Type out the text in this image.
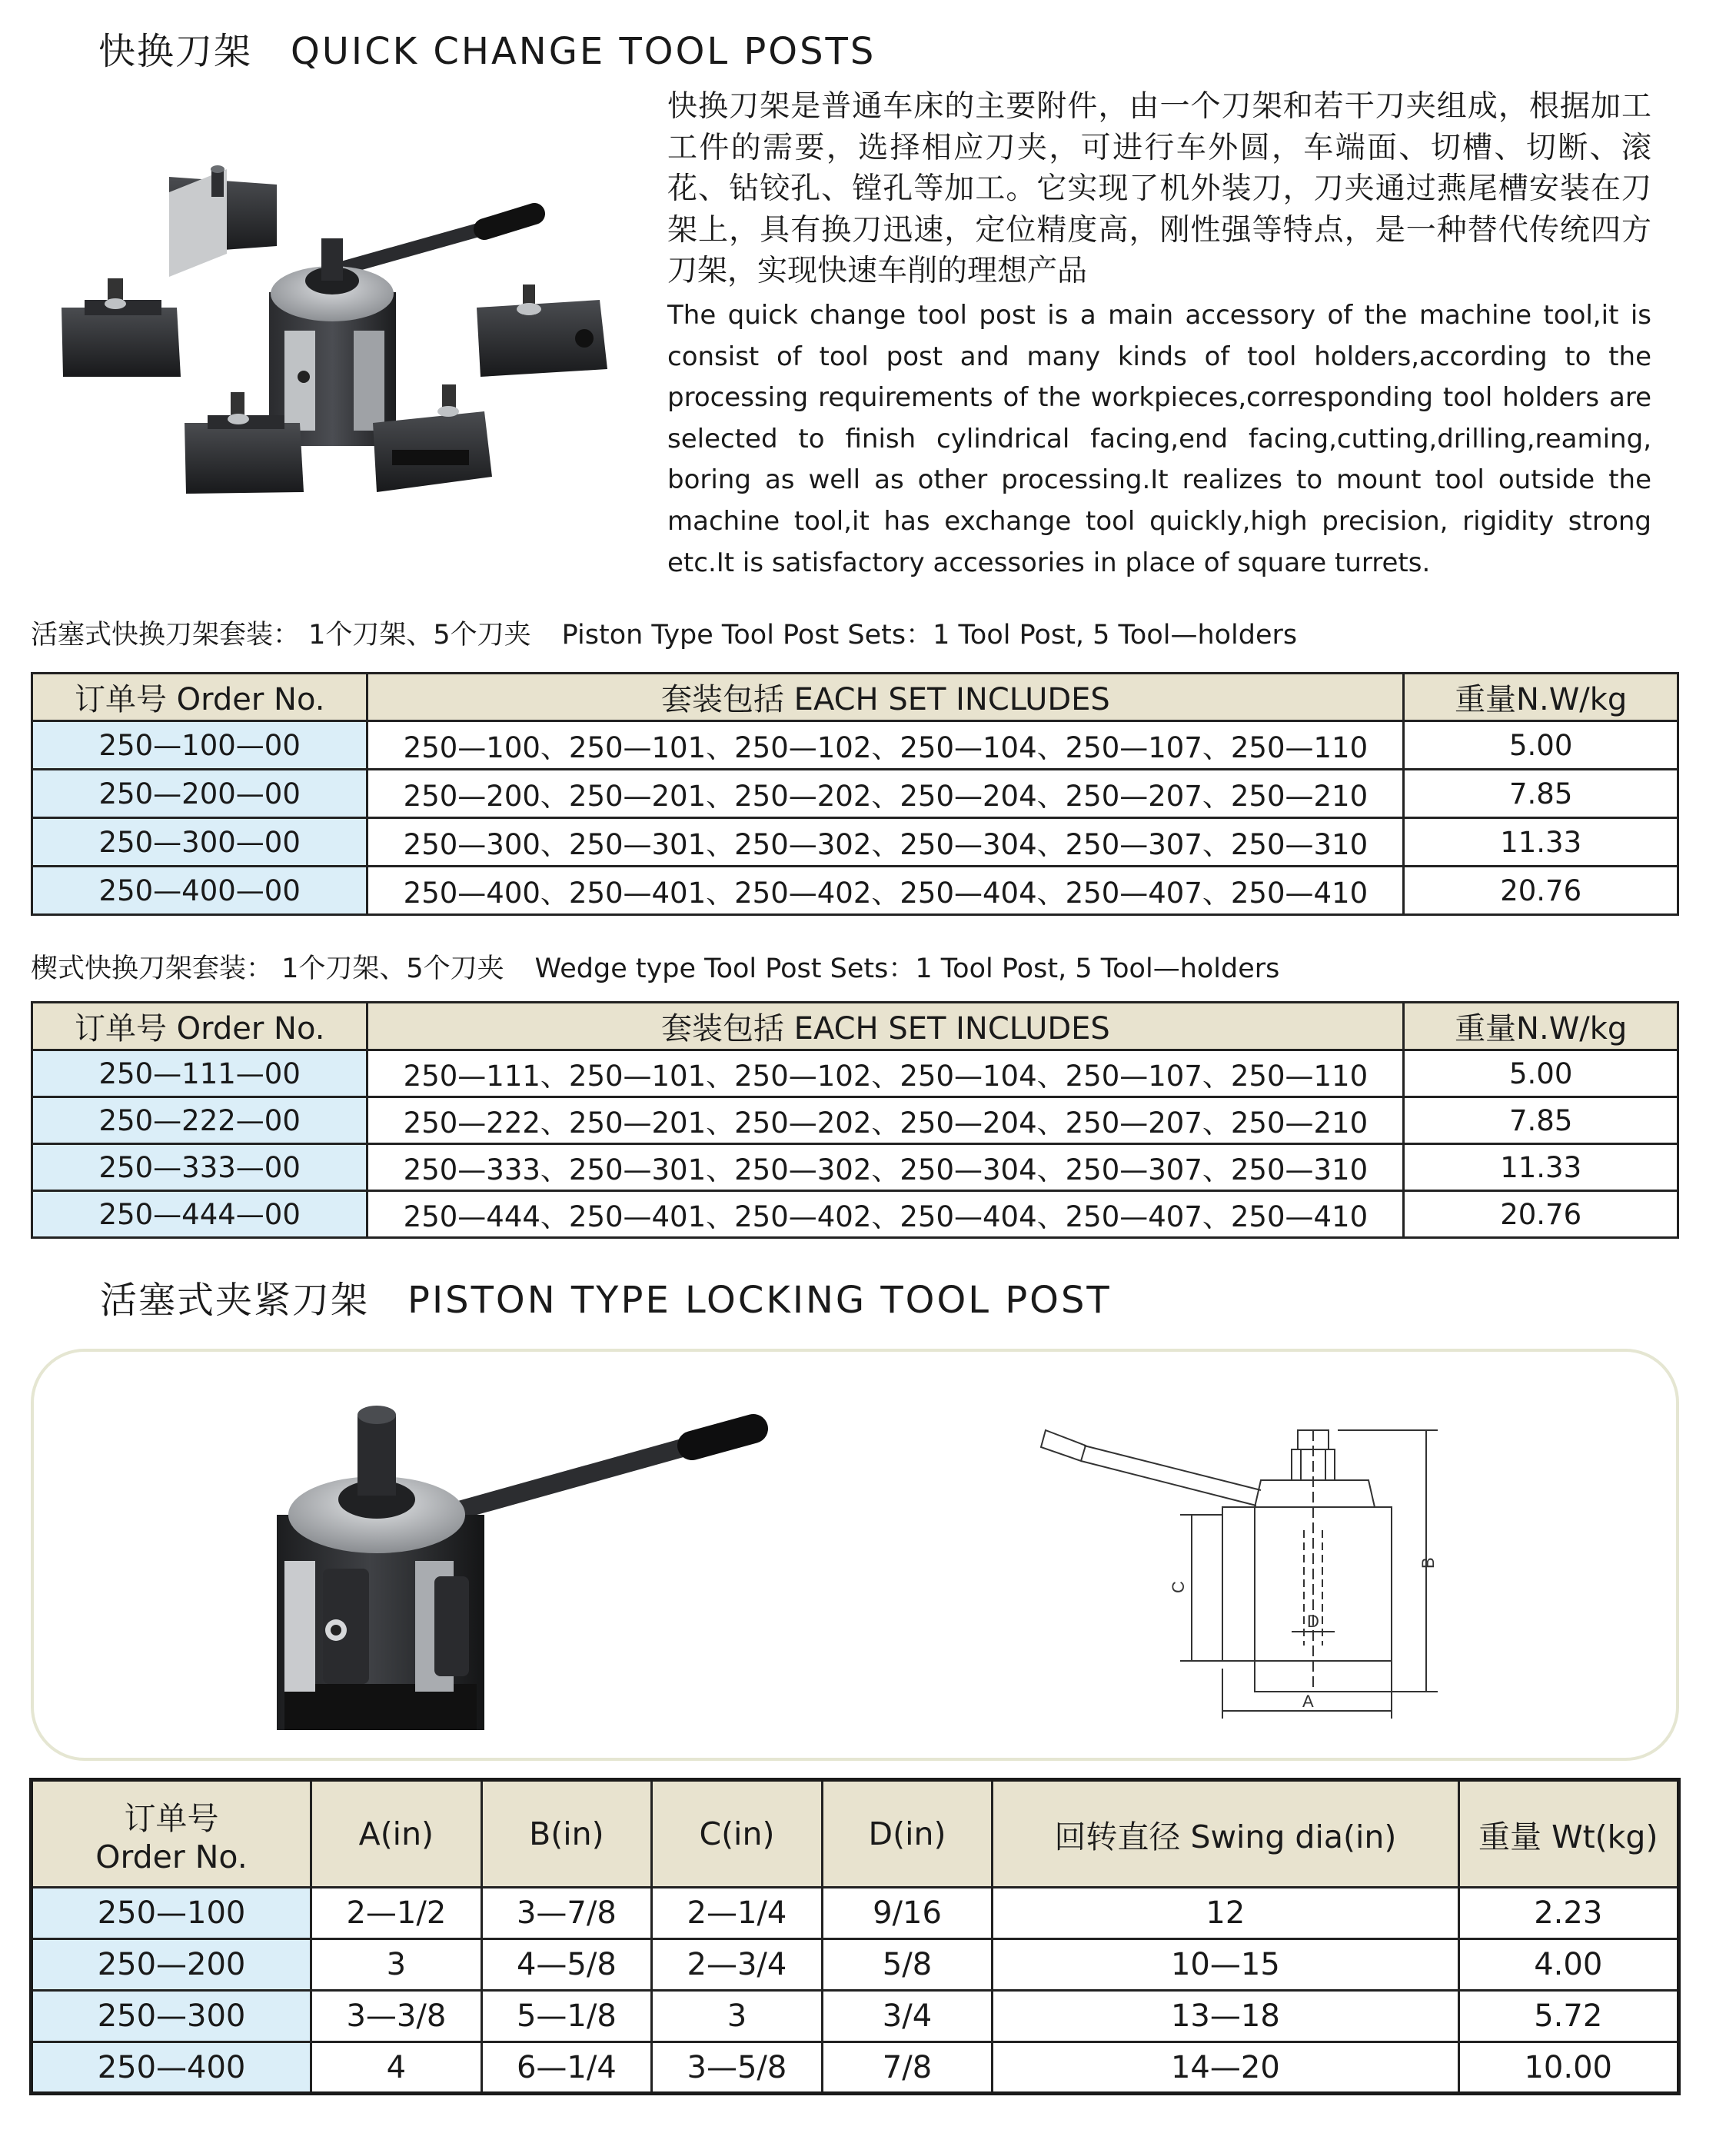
快换刀架 QUICK CHANGE TOOL POSTS
快换刀架是普通车床的主要附件，由一个刀架和若干刀夹组成，根据加工工件的需要，选择相应刀夹，可进行车外圆，车端面、切槽、切断、滚花、钻铰孔、镗孔等加工。它实现了机外装刀，刀夹通过燕尾槽安装在刀架上，具有换刀迅速，定位精度高，刚性强等特点，是一种替代传统四方刀架，实现快速车削的理想产品
The quick change tool post is a main accessory of the machine tool,it is consist of tool post and many kinds of tool holders,according to the processing requirements of the workpieces,corresponding tool holders are selected to finish cylindrical facing,end facing,cutting,drilling,reaming, boring as well as other processing.It realizes to mount tool outside the machine tool,it has exchange tool quickly,high precision, rigidity strong etc.It is satisfactory accessories in place of square turrets.
活塞式快换刀架套装： 1个刀架、5个刀夹 Piston Type Tool Post Sets：1 Tool Post, 5 Tool—holders
订单号 Order No.	套装包括 EACH SET INCLUDES	重量N.W/kg
250—100—00	250—100、250—101、250—102、250—104、250—107、250—110	5.00
250—200—00	250—200、250—201、250—202、250—204、250—207、250—210	7.85
250—300—00	250—300、250—301、250—302、250—304、250—307、250—310	11.33
250—400—00	250—400、250—401、250—402、250—404、250—407、250—410	20.76
楔式快换刀架套装： 1个刀架、5个刀夹 Wedge type Tool Post Sets：1 Tool Post, 5 Tool—holders
订单号 Order No.	套装包括 EACH SET INCLUDES	重量N.W/kg
250—111—00	250—111、250—101、250—102、250—104、250—107、250—110	5.00
250—222—00	250—222、250—201、250—202、250—204、250—207、250—210	7.85
250—333—00	250—333、250—301、250—302、250—304、250—307、250—310	11.33
250—444—00	250—444、250—401、250—402、250—404、250—407、250—410	20.76
活塞式夹紧刀架 PISTON TYPE LOCKING TOOL POST
B
C
D
A
订单号
Order No.	A(in)	B(in)	C(in)	D(in)	回转直径 Swing dia(in)	重量 Wt(kg)
250—100	2—1/2	3—7/8	2—1/4	9/16	12	2.23
250—200	3	4—5/8	2—3/4	5/8	10—15	4.00
250—300	3—3/8	5—1/8	3	3/4	13—18	5.72
250—400	4	6—1/4	3—5/8	7/8	14—20	10.00
